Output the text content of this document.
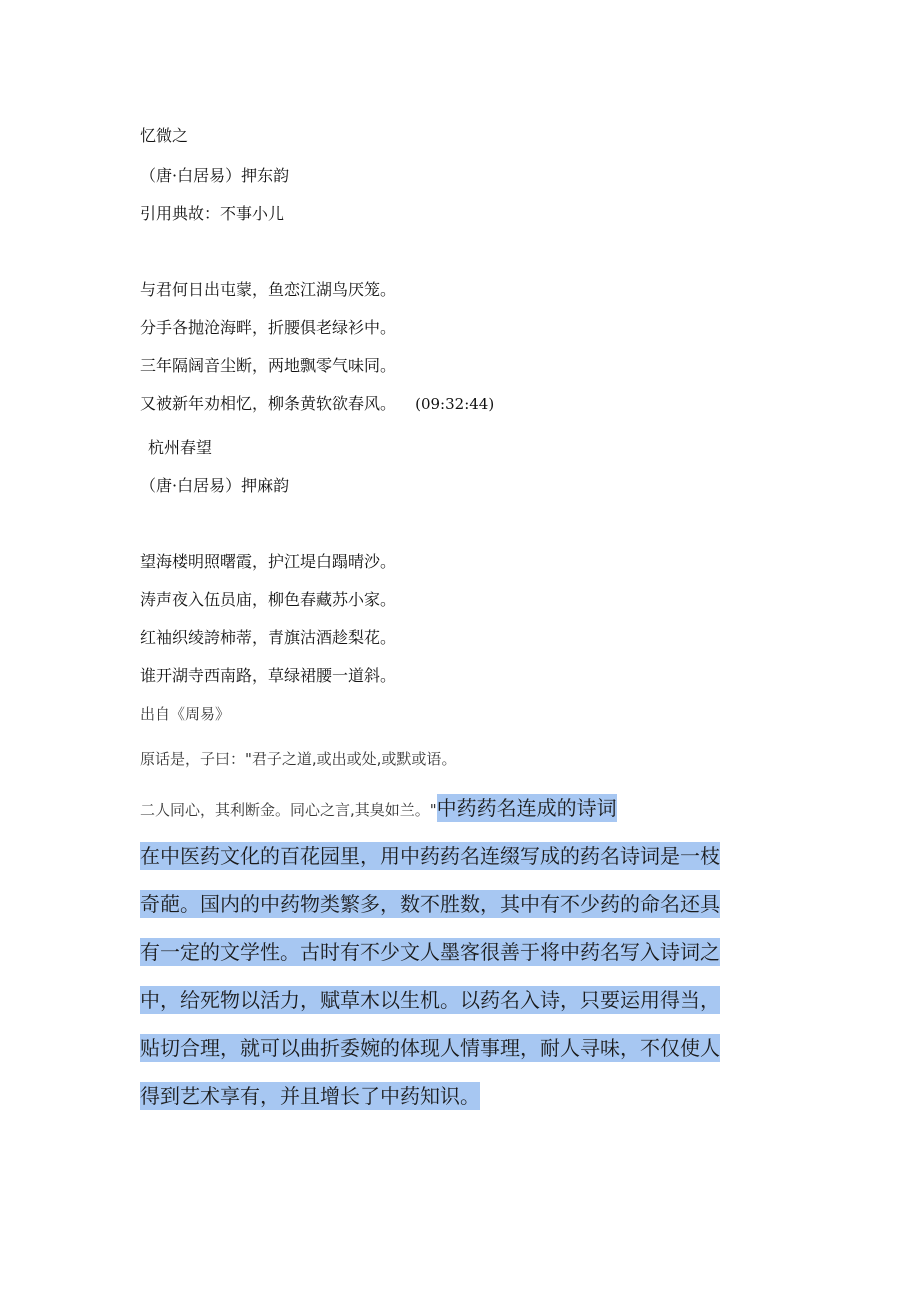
忆微之
（唐·白居易）押东韵
引用典故：不事小儿
与君何日出屯蒙，鱼恋江湖鸟厌笼。
分手各抛沧海畔，折腰俱老绿衫中。
三年隔阔音尘断，两地飘零气味同。
又被新年劝相忆，柳条黄软欲春风。 (09:32:44)
杭州春望
（唐·白居易）押麻韵
望海楼明照曙霞，护江堤白蹋晴沙。
涛声夜入伍员庙，柳色春藏苏小家。
红袖织绫誇柿蒂，青旗沽酒趁梨花。
谁开湖寺西南路，草绿裙腰一道斜。
出自《周易》
原话是，子曰："君子之道,或出或处,或默或语。
二人同心，其利断金。同心之言,其臭如兰。"中药药名连成的诗词
在中医药文化的百花园里，用中药药名连缀写成的药名诗词是一枝
奇葩。国内的中药物类繁多，数不胜数，其中有不少药的命名还具
有一定的文学性。古时有不少文人墨客很善于将中药名写入诗词之
中，给死物以活力，赋草木以生机。以药名入诗，只要运用得当，
贴切合理，就可以曲折委婉的体现人情事理，耐人寻味，不仅使人
得到艺术享有，并且增长了中药知识。
